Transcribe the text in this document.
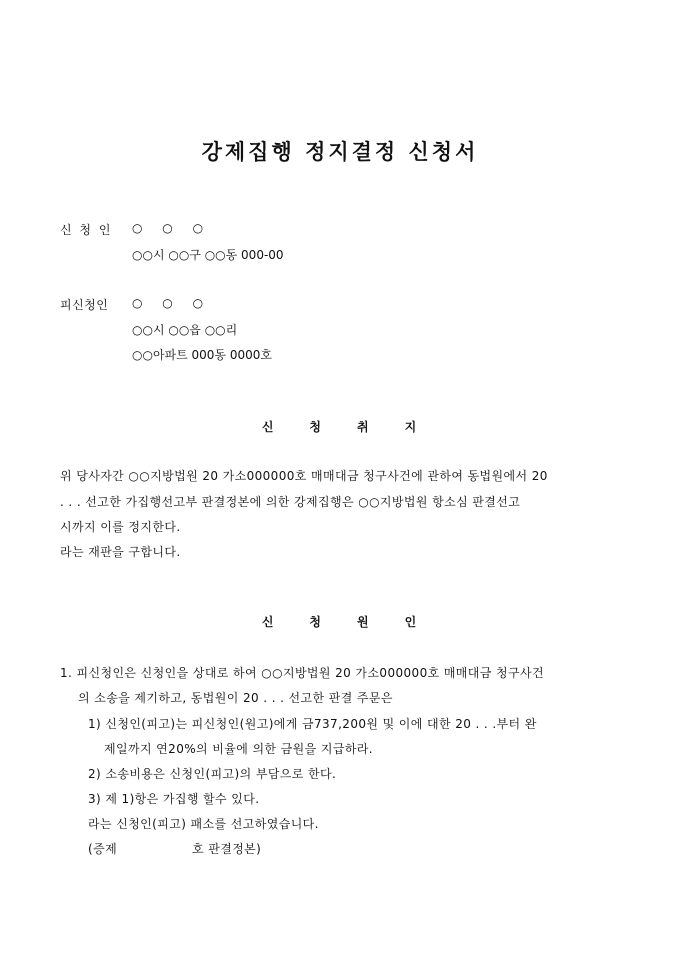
강제집행 정지결정 신청서
신 청 인 ○ ○ ○
○○시 ○○구 ○○동 000-00
피신청인 ○ ○ ○
○○시 ○○읍 ○○리
○○아파트 000동 0000호
신	청	취	지
위 당사자간 ○○지방법원 20 가소000000호 매매대금 청구사건에 관하여 동법원에서 20
. . . 선고한 가집행선고부 판결정본에 의한 강제집행은 ○○지방법원 항소심 판결선고
시까지 이를 정지한다.
라는 재판을 구합니다.
신	청	원	인
1. 피신청인은 신청인을 상대로 하여 ○○지방법원 20 가소000000호 매매대금 청구사건
의 소송을 제기하고, 동법원이 20 . . . 선고한 판결 주문은
1) 신청인(피고)는 피신청인(원고)에게 금737,200원 및 이에 대한 20 . . .부터 완
제일까지 연20%의 비율에 의한 금원을 지급하라.
2) 소송비용은 신청인(피고)의 부담으로 한다.
3) 제 1)항은 가집행 할수 있다.
라는 신청인(피고) 패소를 선고하였습니다.
(증제	호 판결정본)
